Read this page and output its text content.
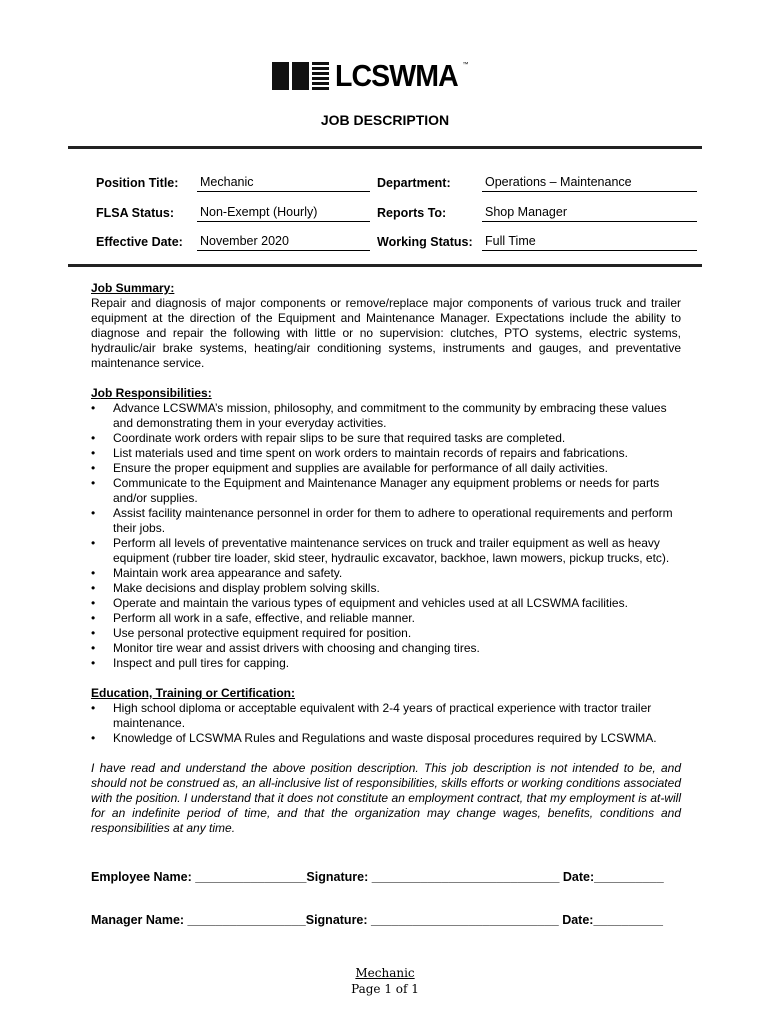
LCSWMA ™
JOB DESCRIPTION
Position Title: Mechanic	Department:	Operations – Maintenance
FLSA Status: Non-Exempt (Hourly)	Reports To:	Shop Manager
Effective Date: November 2020	Working Status: Full Time
Job Summary:
Repair and diagnosis of major components or remove/replace major components of various truck and trailer equipment at the direction of the Equipment and Maintenance Manager. Expectations include the ability to diagnose and repair the following with little or no supervision: clutches, PTO systems, electric systems, hydraulic/air brake systems, heating/air conditioning systems, instruments and gauges, and preventative maintenance service.
Job Responsibilities:
• Advance LCSWMA’s mission, philosophy, and commitment to the community by embracing these values and demonstrating them in your everyday activities.
• Coordinate work orders with repair slips to be sure that required tasks are completed.
• List materials used and time spent on work orders to maintain records of repairs and fabrications.
• Ensure the proper equipment and supplies are available for performance of all daily activities.
• Communicate to the Equipment and Maintenance Manager any equipment problems or needs for parts and/or supplies.
• Assist facility maintenance personnel in order for them to adhere to operational requirements and perform their jobs.
• Perform all levels of preventative maintenance services on truck and trailer equipment as well as heavy equipment (rubber tire loader, skid steer, hydraulic excavator, backhoe, lawn mowers, pickup trucks, etc).
• Maintain work area appearance and safety.
• Make decisions and display problem solving skills.
• Operate and maintain the various types of equipment and vehicles used at all LCSWMA facilities.
• Perform all work in a safe, effective, and reliable manner.
• Use personal protective equipment required for position.
• Monitor tire wear and assist drivers with choosing and changing tires.
• Inspect and pull tires for capping.
Education, Training or Certification:
• High school diploma or acceptable equivalent with 2-4 years of practical experience with tractor trailer maintenance.
• Knowledge of LCSWMA Rules and Regulations and waste disposal procedures required by LCSWMA.
I have read and understand the above position description. This job description is not intended to be, and should not be construed as, an all-inclusive list of responsibilities, skills efforts or working conditions associated with the position. I understand that it does not constitute an employment contract, that my employment is at-will for an indefinite period of time, and that the organization may change wages, benefits, conditions and responsibilities at any time.
Employee Name: ________________Signature: ___________________________ Date:__________
Manager Name: _________________Signature: ___________________________ Date:__________
Mechanic
Page 1 of 1
